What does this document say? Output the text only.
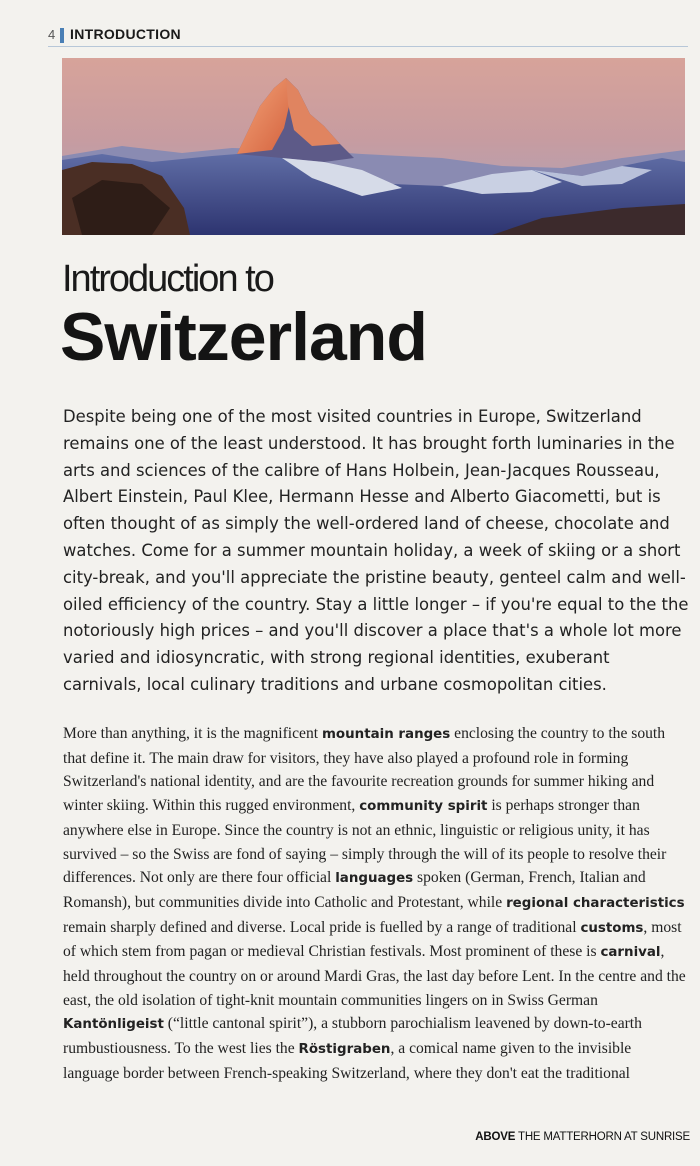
4 INTRODUCTION
Introduction to
Switzerland

Despite being one of the most visited countries in Europe, Switzerland remains one of the least understood. It has brought forth luminaries in the arts and sciences of the calibre of Hans Holbein, Jean-Jacques Rousseau, Albert Einstein, Paul Klee, Hermann Hesse and Alberto Giacometti, but is often thought of as simply the well-ordered land of cheese, chocolate and watches. Come for a summer mountain holiday, a week of skiing or a short city-break, and you'll appreciate the pristine beauty, genteel calm and well-oiled efficiency of the country. Stay a little longer – if you're equal to the the notoriously high prices – and you'll discover a place that's a whole lot more varied and idiosyncratic, with strong regional identities, exuberant carnivals, local culinary traditions and urbane cosmopolitan cities.

More than anything, it is the magnificent mountain ranges enclosing the country to the south that define it. The main draw for visitors, they have also played a profound role in forming Switzerland's national identity, and are the favourite recreation grounds for summer hiking and winter skiing. Within this rugged environment, community spirit is perhaps stronger than anywhere else in Europe. Since the country is not an ethnic, linguistic or religious unity, it has survived – so the Swiss are fond of saying – simply through the will of its people to resolve their differences. Not only are there four official languages spoken (German, French, Italian and Romansh), but communities divide into Catholic and Protestant, while regional characteristics remain sharply defined and diverse. Local pride is fuelled by a range of traditional customs, most of which stem from pagan or medieval Christian festivals. Most prominent of these is carnival, held throughout the country on or around Mardi Gras, the last day before Lent. In the centre and the east, the old isolation of tight-knit mountain communities lingers on in Swiss German Kantönligeist (“little cantonal spirit”), a stubborn parochialism leavened by down-to-earth rumbustiousness. To the west lies the Röstigraben, a comical name given to the invisible language border between French-speaking Switzerland, where they don't eat the traditional

ABOVE THE MATTERHORN AT SUNRISE
